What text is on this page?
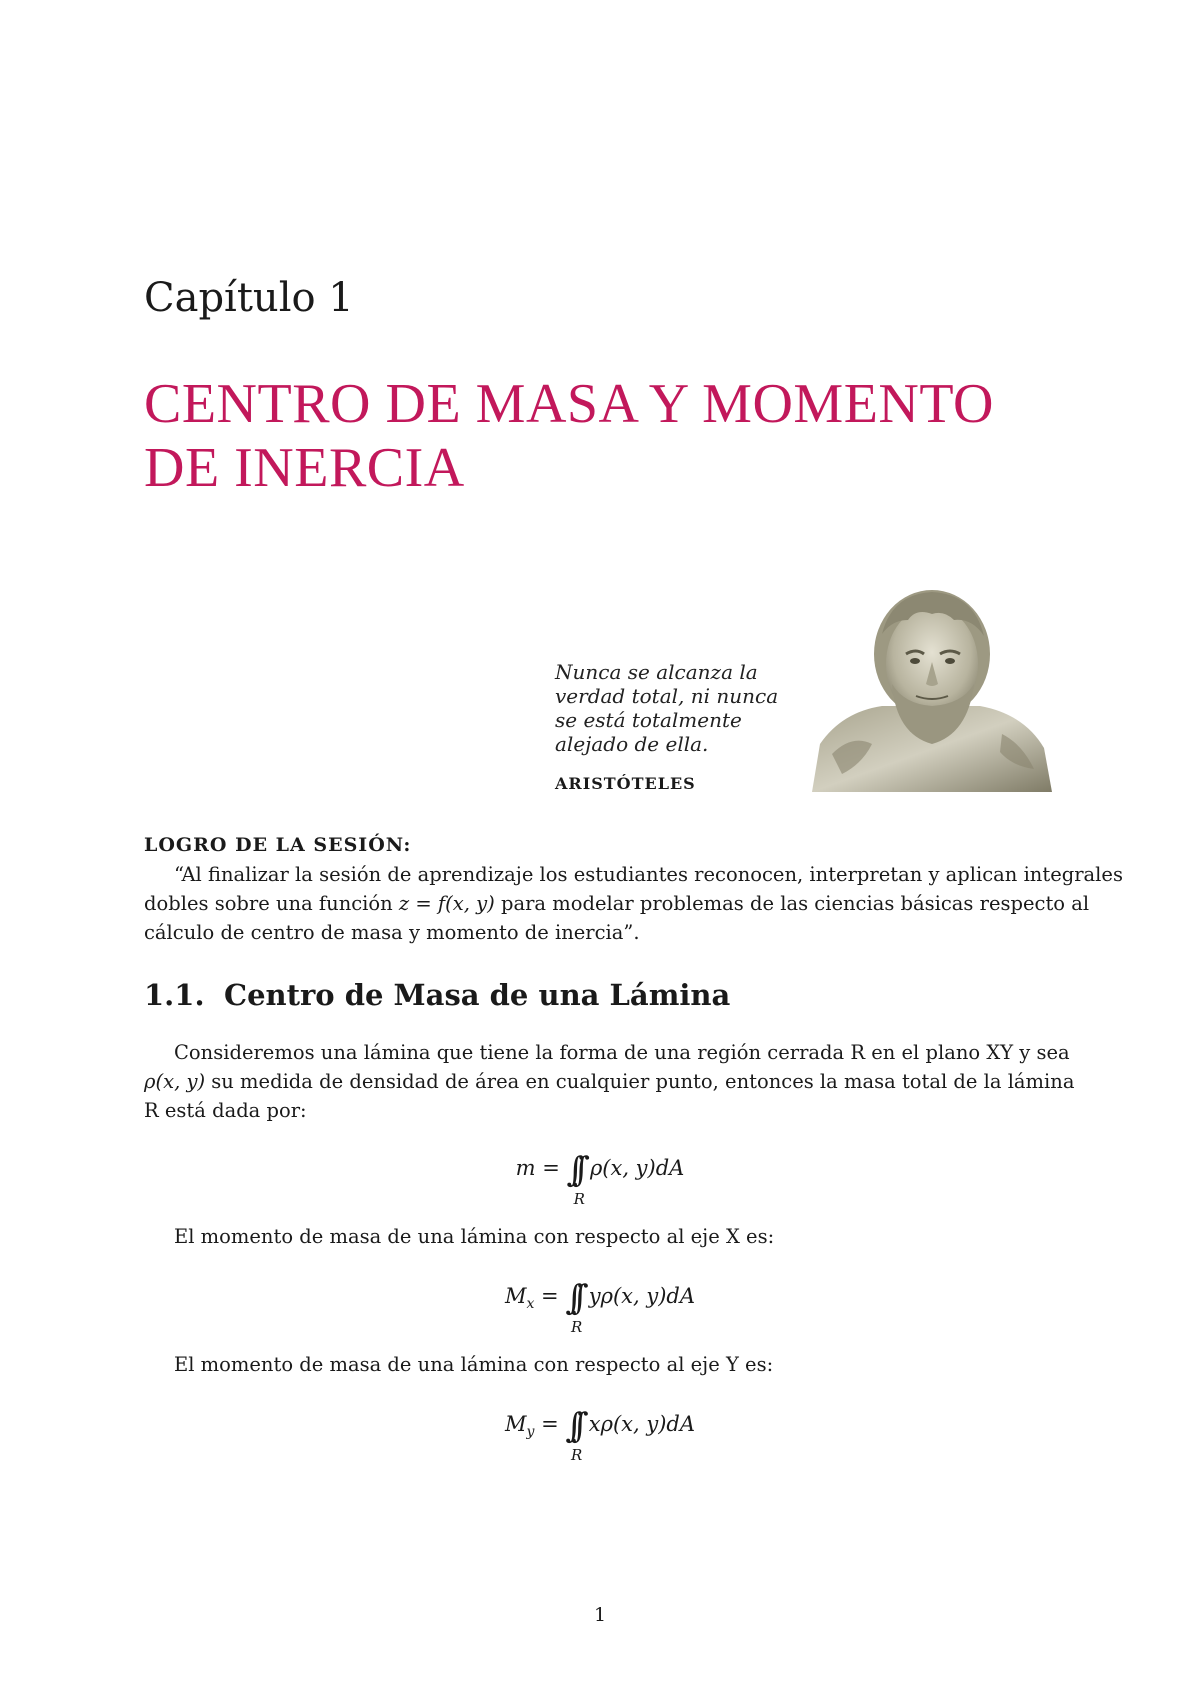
Capítulo 1
CENTRO DE MASA Y MOMENTO
DE INERCIA
Nunca se alcanza la
verdad total, ni nunca
se está totalmente
alejado de ella.
ARISTÓTELES
LOGRO DE LA SESIÓN:
“Al finalizar la sesión de aprendizaje los estudiantes reconocen, interpretan y aplican integrales
dobles sobre una función z = f(x, y) para modelar problemas de las ciencias básicas respecto al
cálculo de centro de masa y momento de inercia”.
1.1. Centro de Masa de una Lámina
Consideremos una lámina que tiene la forma de una región cerrada R en el plano XY y sea
ρ(x, y) su medida de densidad de área en cualquier punto, entonces la masa total de la lámina
R está dada por:
m = ∫∫ ρ(x, y)dA
R
El momento de masa de una lámina con respecto al eje X es:
$M_x$ = ∫∫ yρ(x, y)dA
R
El momento de masa de una lámina con respecto al eje Y es:
$M_y$ = ∫∫ xρ(x, y)dA
R
1
